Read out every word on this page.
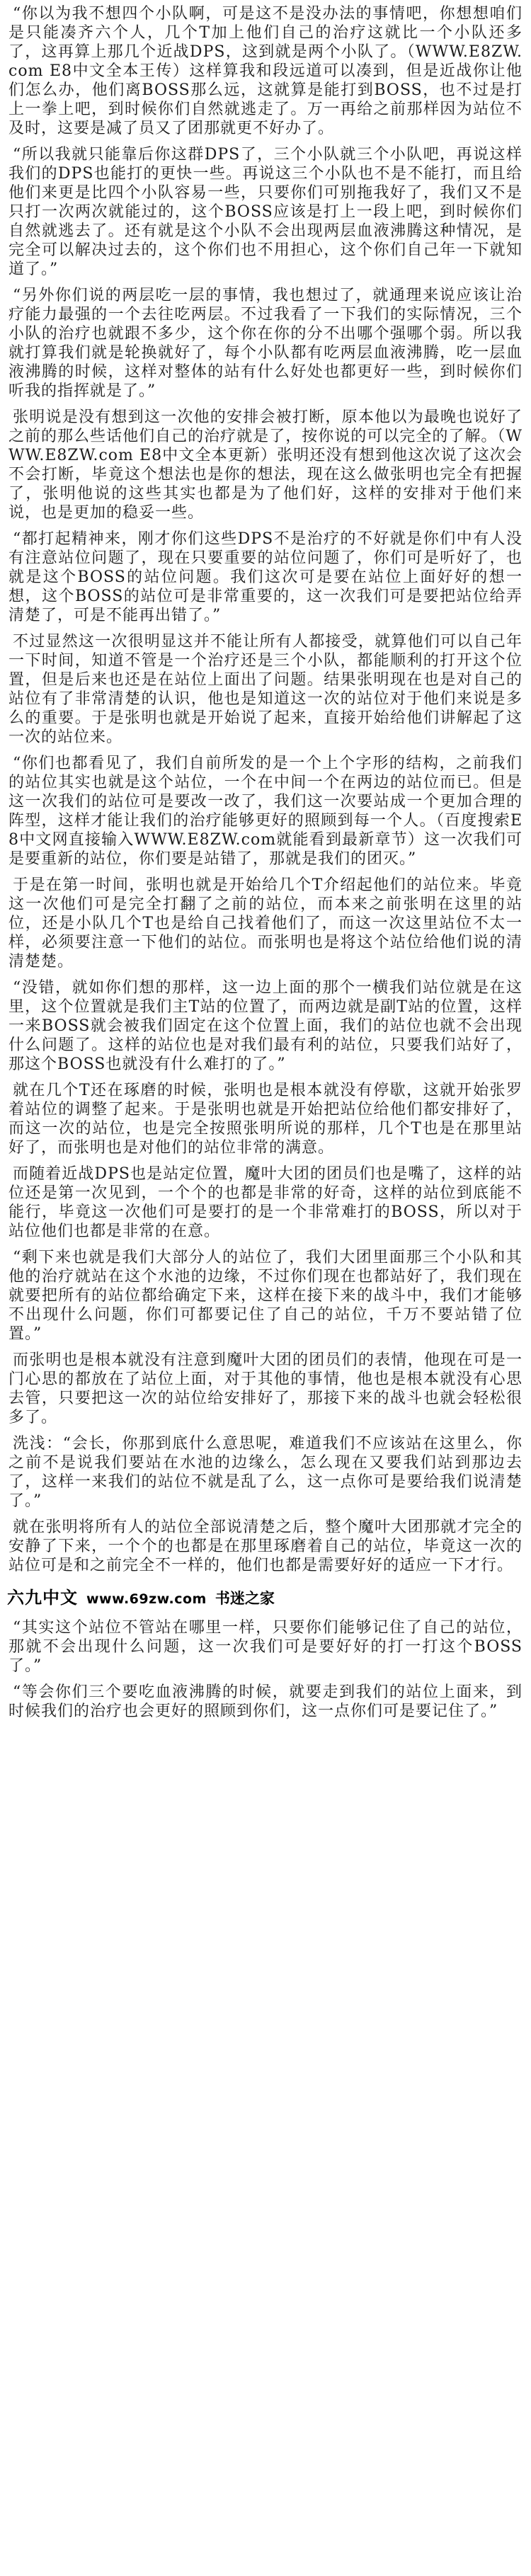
“你以为我不想四个小队啊，可是这不是没办法的事情吧，你想想咱们是只能凑齐六个人，几个T加上他们自己的治疗这就比一个小队还多了，这再算上那几个近战DPS，这到就是两个小队了。（WWW.E8ZW.com E8中文全本王传）这样算我和段远道可以凑到，但是近战你让他们怎么办，他们离BOSS那么远，这就算是能打到BOSS，也不过是打上一拳上吧，到时候你们自然就逃走了。万一再给之前那样因为站位不及时，这要是减了员又了团那就更不好办了。

“所以我就只能靠后你这群DPS了，三个小队就三个小队吧，再说这样我们的DPS也能打的更快一些。再说这三个小队也不是不能打，而且给他们来更是比四个小队容易一些，只要你们可别拖我好了，我们又不是只打一次两次就能过的，这个BOSS应该是打上一段上吧，到时候你们自然就逃去了。还有就是这个小队不会出现两层血液沸腾这种情况，是完全可以解决过去的，这个你们也不用担心，这个你们自己年一下就知道了。”

“另外你们说的两层吃一层的事情，我也想过了，就通理来说应该让治疗能力最强的一个去往吃两层。不过我看了一下我们的实际情况，三个小队的治疗也就跟不多少，这个你在你的分不出哪个强哪个弱。所以我就打算我们就是轮换就好了，每个小队都有吃两层血液沸腾，吃一层血液沸腾的时候，这样对整体的站有什么好处也都更好一些，到时候你们听我的指挥就是了。”

张明说是没有想到这一次他的安排会被打断，原本他以为最晚也说好了之前的那么些话他们自己的治疗就是了，按你说的可以完全的了解。（WWW.E8ZW.com E8中文全本更新）张明还没有想到他这次说了这次会不会打断，毕竟这个想法也是你的想法，现在这么做张明也完全有把握了，张明他说的这些其实也都是为了他们好，这样的安排对于他们来说，也是更加的稳妥一些。

“都打起精神来，刚才你们这些DPS不是治疗的不好就是你们中有人没有注意站位问题了，现在只要重要的站位问题了，你们可是听好了，也就是这个BOSS的站位问题。我们这次可是要在站位上面好好的想一想，这个BOSS的站位可是非常重要的，这一次我们可是要把站位给弄清楚了，可是不能再出错了。”

不过显然这一次很明显这并不能让所有人都接受，就算他们可以自己年一下时间，知道不管是一个治疗还是三个小队，都能顺利的打开这个位置，但是后来也还是在站位上面出了问题。结果张明现在也是对自己的站位有了非常清楚的认识，他也是知道这一次的站位对于他们来说是多么的重要。于是张明也就是开始说了起来，直接开始给他们讲解起了这一次的站位来。

“你们也都看见了，我们自前所发的是一个上个字形的结构，之前我们的站位其实也就是这个站位，一个在中间一个在两边的站位而已。但是这一次我们的站位可是要改一改了，我们这一次要站成一个更加合理的阵型，这样才能让我们的治疗能够更好的照顾到每一个人。（百度搜索E8中文网直接输入WWW.E8ZW.com就能看到最新章节）这一次我们可是要重新的站位，你们要是站错了，那就是我们的团灭。”

于是在第一时间，张明也就是开始给几个T介绍起他们的站位来。毕竟这一次他们可是完全打翻了之前的站位，而本来之前张明在这里的站位，还是小队几个T也是给自己找着他们了，而这一次这里站位不太一样，必须要注意一下他们的站位。而张明也是将这个站位给他们说的清清楚楚。

“没错，就如你们想的那样，这一边上面的那个一横我们站位就是在这里，这个位置就是我们主T站的位置了，而两边就是副T站的位置，这样一来BOSS就会被我们固定在这个位置上面，我们的站位也就不会出现什么问题了。这样的站位也是对我们最有利的站位，只要我们站好了，那这个BOSS也就没有什么难打的了。”

就在几个T还在琢磨的时候，张明也是根本就没有停歇，这就开始张罗着站位的调整了起来。于是张明也就是开始把站位给他们都安排好了，而这一次的站位，也是完全按照张明所说的那样，几个T也是在那里站好了，而张明也是对他们的站位非常的满意。

而随着近战DPS也是站定位置，魔叶大团的团员们也是嘴了，这样的站位还是第一次见到，一个个的也都是非常的好奇，这样的站位到底能不能行，毕竟这一次他们可是要打的是一个非常难打的BOSS，所以对于站位他们也都是非常的在意。

“剩下来也就是我们大部分人的站位了，我们大团里面那三个小队和其他的治疗就站在这个水池的边缘，不过你们现在也都站好了，我们现在就要把所有的站位都给确定下来，这样在接下来的战斗中，我们才能够不出现什么问题，你们可都要记住了自己的站位，千万不要站错了位置。”

而张明也是根本就没有注意到魔叶大团的团员们的表情，他现在可是一门心思的都放在了站位上面，对于其他的事情，他也是根本就没有心思去管，只要把这一次的站位给安排好了，那接下来的战斗也就会轻松很多了。

洗浅：“会长，你那到底什么意思呢，难道我们不应该站在这里么，你之前不是说我们要站在水池的边缘么，怎么现在又要我们站到那边去了，这样一来我们的站位不就是乱了么，这一点你可是要给我们说清楚了。”

就在张明将所有人的站位全部说清楚之后，整个魔叶大团那就才完全的安静了下来，一个个的也都是在那里琢磨着自己的站位，毕竟这一次的站位可是和之前完全不一样的，他们也都是需要好好的适应一下才行。

六九中文 www.69zw.com 书迷之家

“其实这个站位不管站在哪里一样，只要你们能够记住了自己的站位，那就不会出现什么问题，这一次我们可是要好好的打一打这个BOSS了。”

“等会你们三个要吃血液沸腾的时候，就要走到我们的站位上面来，到时候我们的治疗也会更好的照顾到你们，这一点你们可是要记住了。”
